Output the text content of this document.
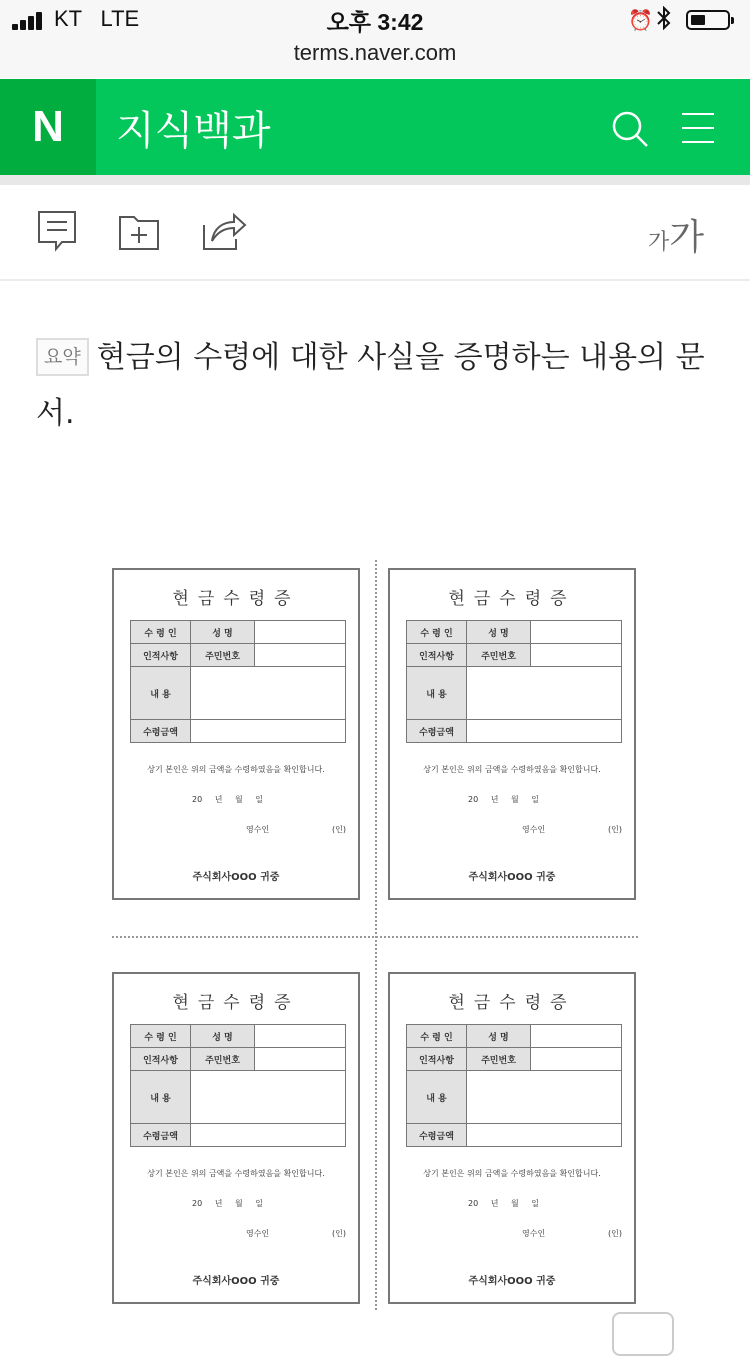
KT LTE	오후 3:42
terms.naver.com
⏰
N 지식백과
가가
요약 현금의 수령에 대한 사실을 증명하는 내용의 문서.
현금수령증
수 령 인	성 명
인적사항	주민번호
내 용
수령금액
상기 본인은 위의 금액을 수령하였음을 확인합니다.
20 년 월 일
영수인	(인)
주식회사OOO 귀중
현금수령증
수 령 인	성 명
인적사항	주민번호
내 용
수령금액
상기 본인은 위의 금액을 수령하였음을 확인합니다.
20 년 월 일
영수인	(인)
주식회사OOO 귀중
현금수령증
수 령 인	성 명
인적사항	주민번호
내 용
수령금액
상기 본인은 위의 금액을 수령하였음을 확인합니다.
20 년 월 일
영수인	(인)
주식회사OOO 귀중
현금수령증
수 령 인	성 명
인적사항	주민번호
내 용
수령금액
상기 본인은 위의 금액을 수령하였음을 확인합니다.
20 년 월 일
영수인	(인)
주식회사OOO 귀중
